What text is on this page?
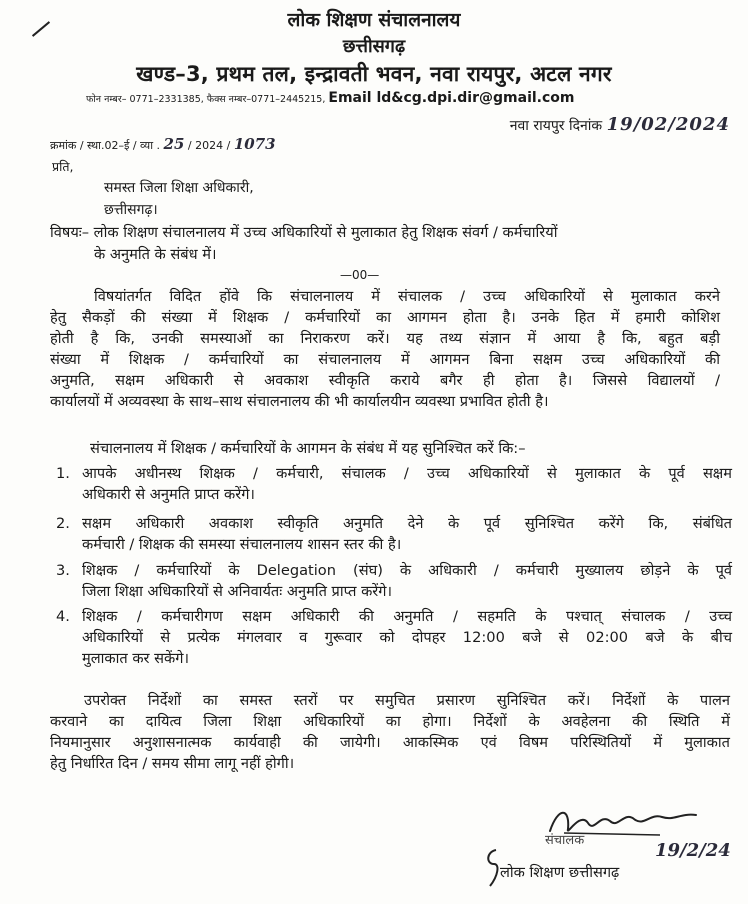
लोक शिक्षण संचालनालय
छत्तीसगढ़
खण्ड–3, प्रथम तल, इन्द्रावती भवन, नवा रायपुर, अटल नगर
फोन नम्बर– 0771–2331385, फैक्स नम्बर–0771–2445215, Email ld&cg.dpi.dir@gmail.com
नवा रायपुर दिनांक 19/02/2024
क्रमांक / स्था.02–ई / व्या . 25 / 2024 / 1073
प्रति,
समस्त जिला शिक्षा अधिकारी,
छत्तीसगढ़।
विषयः– लोक शिक्षण संचालनालय में उच्च अधिकारियों से मुलाकात हेतु शिक्षक संवर्ग / कर्मचारियों
के अनुमति के संबंध में।
—00—
विषयांतर्गत विदित होंवे कि संचालनालय में संचालक / उच्च अधिकारियों से मुलाकात करने
हेतु सैकड़ों की संख्या में शिक्षक / कर्मचारियों का आगमन होता है। उनके हित में हमारी कोशिश
होती है कि, उनकी समस्याओं का निराकरण करें। यह तथ्य संज्ञान में आया है कि, बहुत बड़ी
संख्या में शिक्षक / कर्मचारियों का संचालनालय में आगमन बिना सक्षम उच्च अधिकारियों की
अनुमति, सक्षम अधिकारी से अवकाश स्वीकृति कराये बगैर ही होता है। जिससे विद्यालयों /
कार्यालयों में अव्यवस्था के साथ–साथ संचालनालय की भी कार्यालयीन व्यवस्था प्रभावित होती है।
संचालनालय में शिक्षक / कर्मचारियों के आगमन के संबंध में यह सुनिश्चित करें कि:–
1. आपके अधीनस्थ शिक्षक / कर्मचारी, संचालक / उच्च अधिकारियों से मुलाकात के पूर्व सक्षम
अधिकारी से अनुमति प्राप्त करेंगे।
2. सक्षम अधिकारी अवकाश स्वीकृति अनुमति देने के पूर्व सुनिश्चित करेंगे कि, संबंधित
कर्मचारी / शिक्षक की समस्या संचालनालय शासन स्तर की है।
3. शिक्षक / कर्मचारियों के Delegation (संघ) के अधिकारी / कर्मचारी मुख्यालय छोड़ने के पूर्व
जिला शिक्षा अधिकारियों से अनिवार्यतः अनुमति प्राप्त करेंगे।
4. शिक्षक / कर्मचारीगण सक्षम अधिकारी की अनुमति / सहमति के पश्चात् संचालक / उच्च
अधिकारियों से प्रत्येक मंगलवार व गुरूवार को दोपहर 12:00 बजे से 02:00 बजे के बीच
मुलाकात कर सकेंगे।
उपरोक्त निर्देशों का समस्त स्तरों पर समुचित प्रसारण सुनिश्चित करें। निर्देशों के पालन
करवाने का दायित्व जिला शिक्षा अधिकारियों का होगा। निर्देशों के अवहेलना की स्थिति में
नियमानुसार अनुशासनात्मक कार्यवाही की जायेगी। आकस्मिक एवं विषम परिस्थितियों में मुलाकात
हेतु निर्धारित दिन / समय सीमा लागू नहीं होगी।
संचालक	19/2/24
लोक शिक्षण छत्तीसगढ़
